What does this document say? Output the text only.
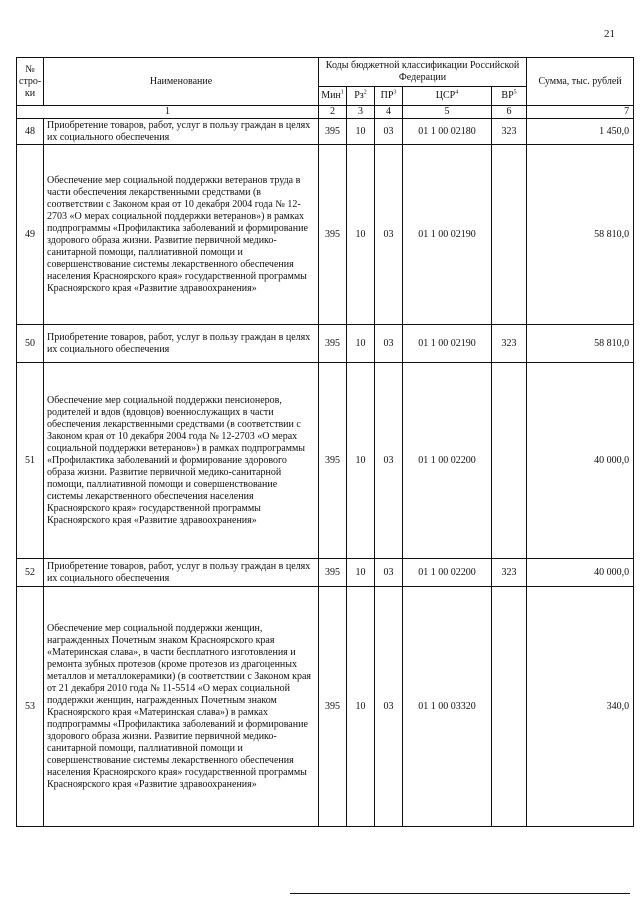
21
№ стро-ки	Наименование	Коды бюджетной классификации Российской Федерации					Сумма, тыс. рублей
		Мин$^1$	$Рз^2$	$ПР^3$	ЦСР$^4$	$ВР^5$
1		2	3	4	5	6	7
48	Приобретение товаров, работ, услуг в пользу граждан в целях их социального обеспечения	395	10	03	01 1 00 02180	323	1 450,0
49	Обеспечение мер социальной поддержки ветеранов труда в части обеспечения лекарственными средствами (в соответствии с Законом края от 10 декабря 2004 года № 12-2703 «О мерах социальной поддержки ветеранов») в рамках подпрограммы «Профилактика заболеваний и формирование здорового образа жизни. Развитие первичной медико-санитарной помощи, паллиативной помощи и совершенствование системы лекарственного обеспечения населения Красноярского края» государственной программы Красноярского края «Развитие здравоохранения»	395	10	03	01 1 00 02190		58 810,0
50	Приобретение товаров, работ, услуг в пользу граждан в целях их социального обеспечения	395	10	03	01 1 00 02190	323	58 810,0
51	Обеспечение мер социальной поддержки пенсионеров, родителей и вдов (вдовцов) военнослужащих в части обеспечения лекарственными средствами (в соответствии с Законом края от 10 декабря 2004 года № 12-2703 «О мерах социальной поддержки ветеранов») в рамках подпрограммы «Профилактика заболеваний и формирование здорового образа жизни. Развитие первичной медико-санитарной помощи, паллиативной помощи и совершенствование системы лекарственного обеспечения населения Красноярского края» государственной программы Красноярского края «Развитие здравоохранения»	395	10	03	01 1 00 02200		40 000,0
52	Приобретение товаров, работ, услуг в пользу граждан в целях их социального обеспечения	395	10	03	01 1 00 02200	323	40 000,0
53	Обеспечение мер социальной поддержки женщин, награжденных Почетным знаком Красноярского края «Материнская слава», в части бесплатного изготовления и ремонта зубных протезов (кроме протезов из драгоценных металлов и металлокерамики) (в соответствии с Законом края от 21 декабря 2010 года № 11-5514 «О мерах социальной поддержки женщин, награжденных Почетным знаком Красноярского края «Материнская слава») в рамках подпрограммы «Профилактика заболеваний и формирование здорового образа жизни. Развитие первичной медико-санитарной помощи, паллиативной помощи и совершенствование системы лекарственного обеспечения населения Красноярского края» государственной программы Красноярского края «Развитие здравоохранения»	395	10	03	01 1 00 03320		340,0
